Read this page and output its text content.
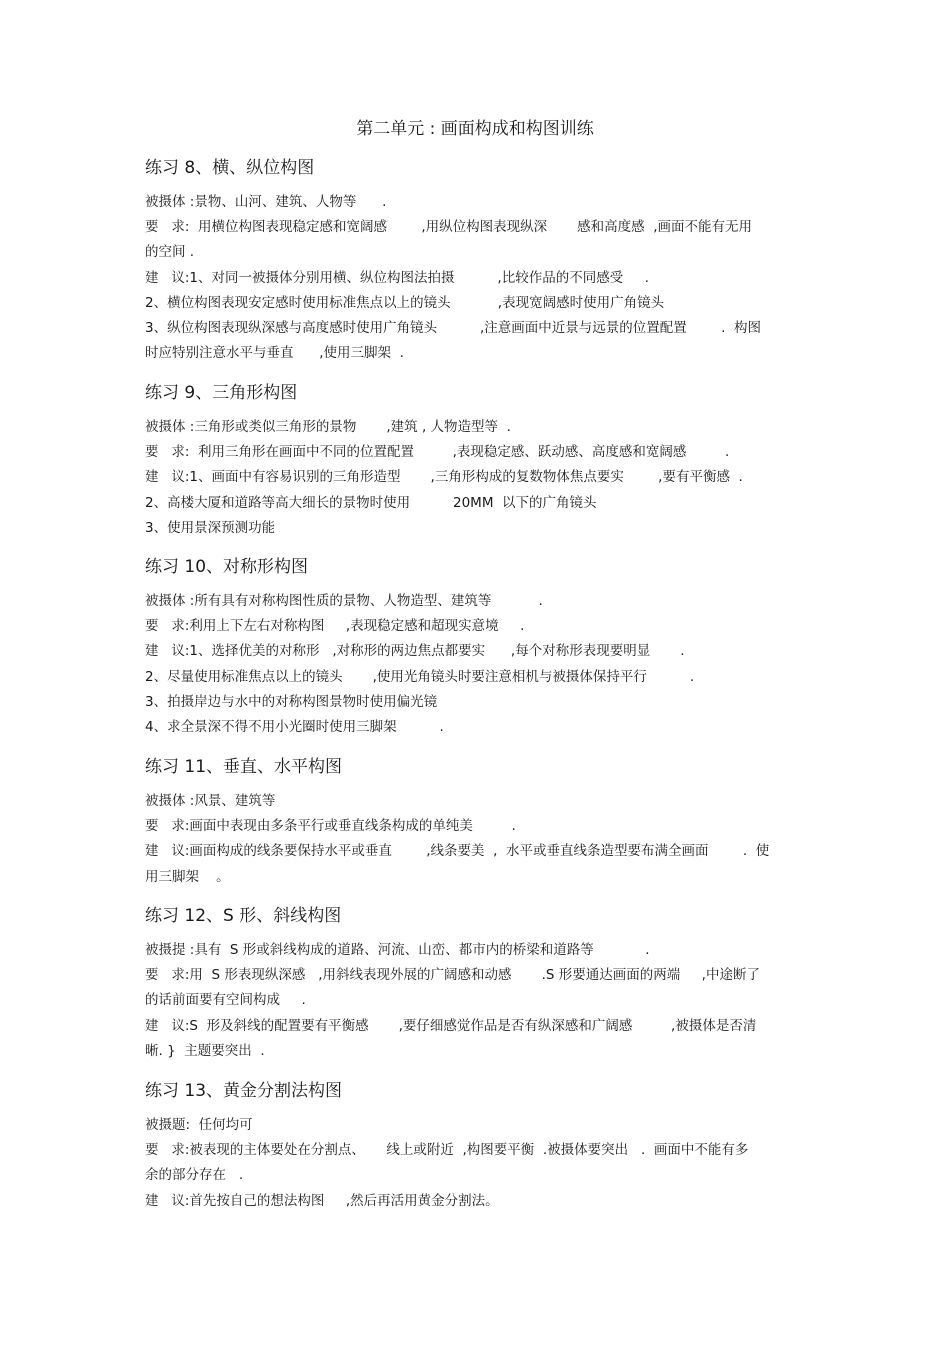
第二单元 : 画面构成和构图训练
练习 8、横、纵位构图

被摄体 :景物、山河、建筑、人物等      .

要   求:  用横位构图表现稳定感和宽阔感        ,用纵位构图表现纵深       感和高度感  ,画面不能有无用

的空间 .

建   议:1、对同一被摄体分别用横、纵位构图法拍摄          ,比较作品的不同感受     .

2、横位构图表现安定感时使用标准焦点以上的镜头           ,表现宽阔感时使用广角镜头

3、纵位构图表现纵深感与高度感时使用广角镜头          ,注意画面中近景与远景的位置配置        .  构图

时应特别注意水平与垂直      ,使用三脚架  .

练习 9、三角形构图

被摄体 :三角形或类似三角形的景物       ,建筑 , 人物造型等  .

要   求:  利用三角形在画面中不同的位置配置         ,表现稳定感、跃动感、高度感和宽阔感         .

建   议:1、画面中有容易识别的三角形造型       ,三角形构成的复数物体焦点要实        ,要有平衡感  .

2、高楼大厦和道路等高大细长的景物时使用          20MM  以下的广角镜头

3、使用景深预测功能

练习 10、对称形构图

被摄体 :所有具有对称构图性质的景物、人物造型、建筑等           .

要   求:利用上下左右对称构图     ,表现稳定感和超现实意境     .

建   议:1、选择优美的对称形   ,对称形的两边焦点都要实      ,每个对称形表现要明显       .

2、尽量使用标准焦点以上的镜头       ,使用光角镜头时要注意相机与被摄体保持平行          .

3、拍摄岸边与水中的对称构图景物时使用偏光镜

4、求全景深不得不用小光圈时使用三脚架          .

练习 11、垂直、水平构图

被摄体 :风景、建筑等

要   求:画面中表现由多条平行或垂直线条构成的单纯美         .

建   议:画面构成的线条要保持水平或垂直        ,线条要美  ,  水平或垂直线条造型要布满全画面        .  使

用三脚架    。

练习 12、S 形、斜线构图

被摄提 :具有  S 形或斜线构成的道路、河流、山峦、都市内的桥梁和道路等            .

要   求:用  S 形表现纵深感   ,用斜线表现外展的广阔感和动感       .S 形要通达画面的两端     ,中途断了

的话前面要有空间构成     .

建   议:S  形及斜线的配置要有平衡感       ,要仔细感觉作品是否有纵深感和广阔感         ,被摄体是否清

晰. }  主题要突出  .

练习 13、黄金分割法构图

被摄题:  任何均可

要   求:被表现的主体要处在分割点、     线上或附近  ,构图要平衡  .被摄体要突出   .  画面中不能有多

余的部分存在   .

建   议:首先按自己的想法构图     ,然后再活用黄金分割法。
